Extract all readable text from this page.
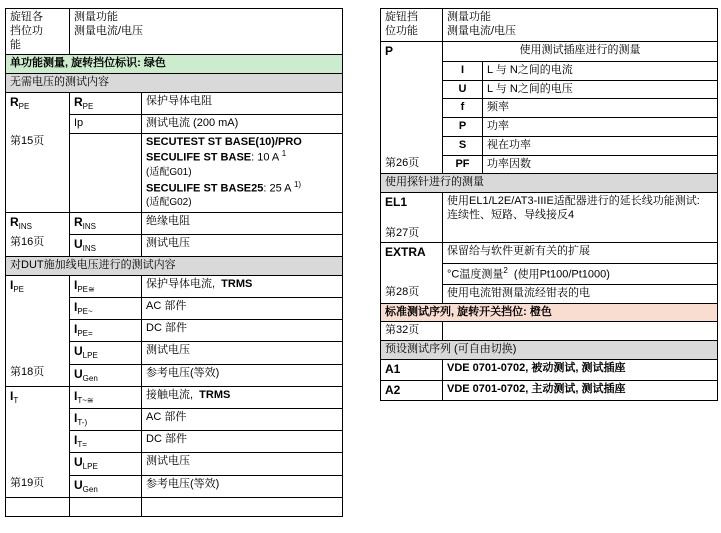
旋钮各
挡位功
能	测量功能
测量电流/电压	
单功能测量, 旋转挡位标识: 绿色		
无需电压的测试内容		
$R_{PE}$	$R_{PE}$	保护导体电阻
	Ip	测试电流 (200 mA)
第15页		SECUTEST ST BASE(10)/PRO
SECULIFE ST BASE: 10 A $^1$
(适配G01)
SECULIFE ST BASE25: 25 A $^{1)}$
(适配G02)
$R_{INS}$	$R_{INS}$	绝缘电阻
第16页	$U_{INS}$	测试电压
对DUT施加线电压进行的测试内容		
$I_{PE}$	$I_{PE≅}$	保护导体电流,  TRMS
	$I_{PE\sim}$	AC 部件
	$I_{PE=}$	DC 部件
	$U_{LPE}$	测试电压
第18页	$U_{Gen}$	参考电压(等效)
$I_T$	$I_{T\sim≅}$	接触电流,  TRMS
	$I_{T-)}$	AC 部件
	$I_{T=}$	DC 部件
	$U_{LPE}$	测试电压
第19页	$U_{Gen}$	参考电压(等效)

旋钮挡
位功能	测量功能
测量电流/电压	
P	使用测试插座进行的测量	
	I	L 与 N之间的电流
	U	L 与 N之间的电压
	f	频率
	P	功率
	S	视在功率
第26页	PF	功率因数
使用探针进行的测量		
EL1	使用EL1/L2E/AT3-IIIE适配器进行的延长线功能测试: 连续性、短路、导线接反4	
第27页		
EXTRA	保留给与软件更新有关的扩展	
	°C温度测量$^2$  (使用Pt100/Pt1000)	
第28页	使用电流钳测量流经钳表的电	
标准测试序列, 旋转开关挡位: 橙色		
第32页		
预设测试序列 (可自由切换)		
A1	VDE 0701-0702, 被动测试, 测试插座	
A2	VDE 0701-0702, 主动测试, 测试插座	
